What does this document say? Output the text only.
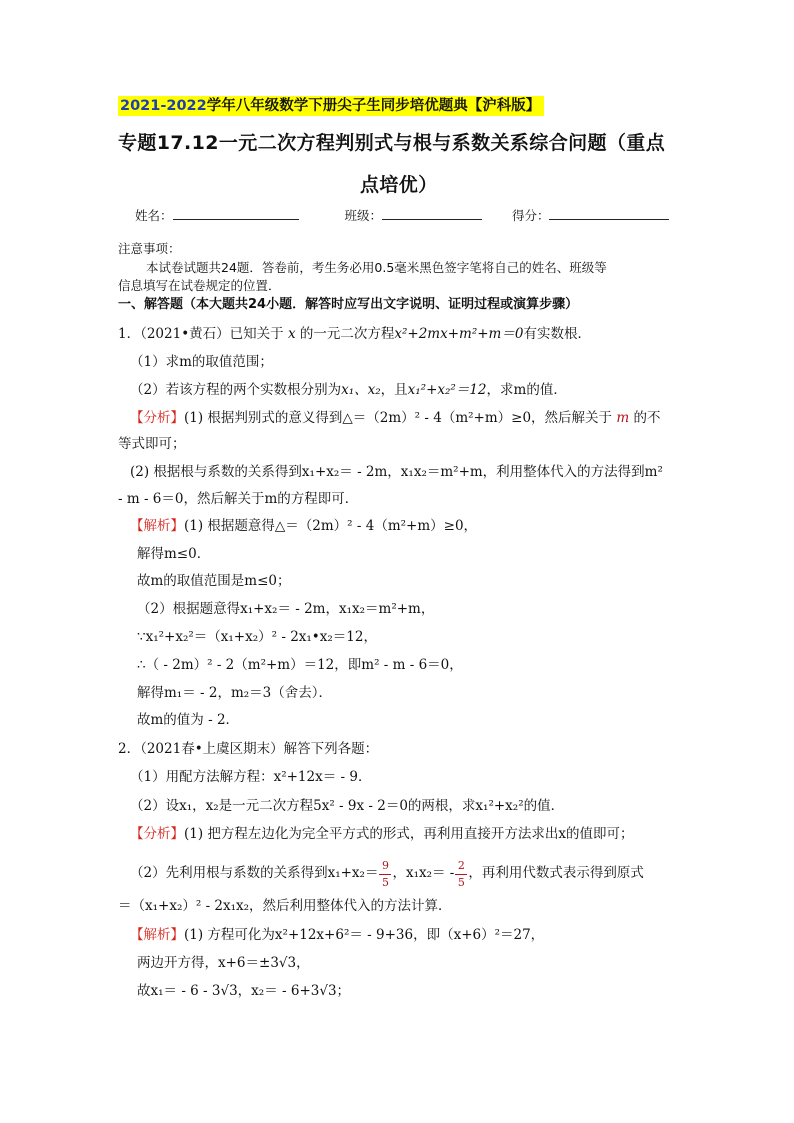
2021-2022学年八年级数学下册尖子生同步培优题典【沪科版】
专题17.12一元二次方程判别式与根与系数关系综合问题（重点
点培优）
姓名：	班级：	得分：
注意事项：
本试卷试题共24题．答卷前，考生务必用0.5毫米黑色签字笔将自己的姓名、班级等
信息填写在试卷规定的位置．
一、解答题（本大题共24小题．解答时应写出文字说明、证明过程或演算步骤）
1．（2021•黄石）已知关于 x 的一元二次方程x²+2mx+m²+m＝0有实数根．
（1）求m的取值范围；
（2）若该方程的两个实数根分别为x₁、x₂，且x₁²+x₂²＝12，求m的值．
【分析】(1) 根据判别式的意义得到△＝（2m）² - 4（m²+m）≥0，然后解关于 m 的不
等式即可；
(2) 根据根与系数的关系得到x₁+x₂＝ - 2m，x₁x₂＝m²+m，利用整体代入的方法得到m²
- m - 6＝0，然后解关于m的方程即可．
【解析】(1) 根据题意得△＝（2m）² - 4（m²+m）≥0，
解得m≤0．
故m的取值范围是m≤0；
（2）根据题意得x₁+x₂＝ - 2m，x₁x₂＝m²+m，
∵x₁²+x₂²＝（x₁+x₂）² - 2x₁•x₂＝12，
∴（ - 2m）² - 2（m²+m）＝12，即m² - m - 6＝0，
解得m₁＝ - 2，m₂＝3（舍去）．
故m的值为 - 2．
2．（2021春•上虞区期末）解答下列各题：
（1）用配方法解方程：x²+12x＝ - 9．
（2）设x₁，x₂是一元二次方程5x² - 9x - 2＝0的两根，求x₁²+x₂²的值．
【分析】(1) 把方程左边化为完全平方式的形式，再利用直接开方法求出x的值即可；
（2）先利用根与系数的关系得到$x_1+x_2= \frac{9}{5}$ ，$x_1x_2= - \frac{2}{5}$ ，再利用代数式表示得到原式
＝（x₁+x₂）² - 2x₁x₂，然后利用整体代入的方法计算．
【解析】(1) 方程可化为x²+12x+6²＝ - 9+36，即（x+6）²＝27，
两边开方得，x+6＝±3√3，
故x₁＝ - 6 - 3√3，x₂＝ - 6+3√3；
